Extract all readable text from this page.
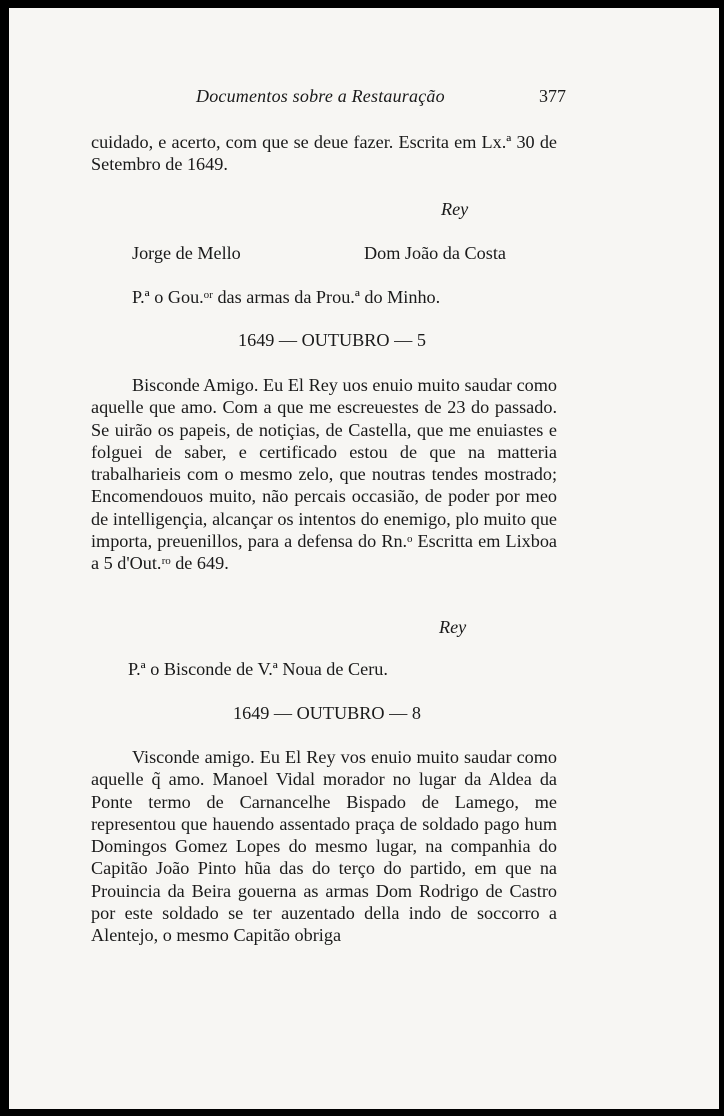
Documentos sobre a Restauração	377

cuidado, e acerto, com que se deue fazer. Escrita em Lx.ª 30 de Setembro de 1649.

Rey

Jorge de Mello	Dom João da Costa

P.ª o Gou.ᵒʳ das armas da Prou.ª do Minho.

1649 — OUTUBRO — 5

Bisconde Amigo. Eu El Rey uos enuio muito saudar como aquelle que amo. Com a que me escreuestes de 23 do passado. Se uirão os papeis, de notiçias, de Castella, que me enuiastes e folguei de saber, e certificado estou de que na matteria trabalharieis com o mesmo zelo, que noutras tendes mostrado; Encomendouos muito, não percais occasião, de poder por meo de intelligençia, alcançar os intentos do enemigo, plo muito que importa, preuenillos, para a defensa do Rn.ᵒ Escritta em Lixboa a 5 d'Out.ʳᵒ de 649.

Rey

P.ª o Bisconde de V.ª Noua de Ceru.

1649 — OUTUBRO — 8

Visconde amigo. Eu El Rey vos enuio muito saudar como aquelle q̃ amo. Manoel Vidal morador no lugar da Aldea da Ponte termo de Carnancelhe Bispado de Lamego, me representou que hauendo assentado praça de soldado pago hum Domingos Gomez Lopes do mesmo lugar, na companhia do Capitão João Pinto hũa das do terço do partido, em que na Prouincia da Beira gouerna as armas Dom Rodrigo de Castro por este soldado se ter auzentado della indo de soccorro a Alentejo, o mesmo Capitão obriga
